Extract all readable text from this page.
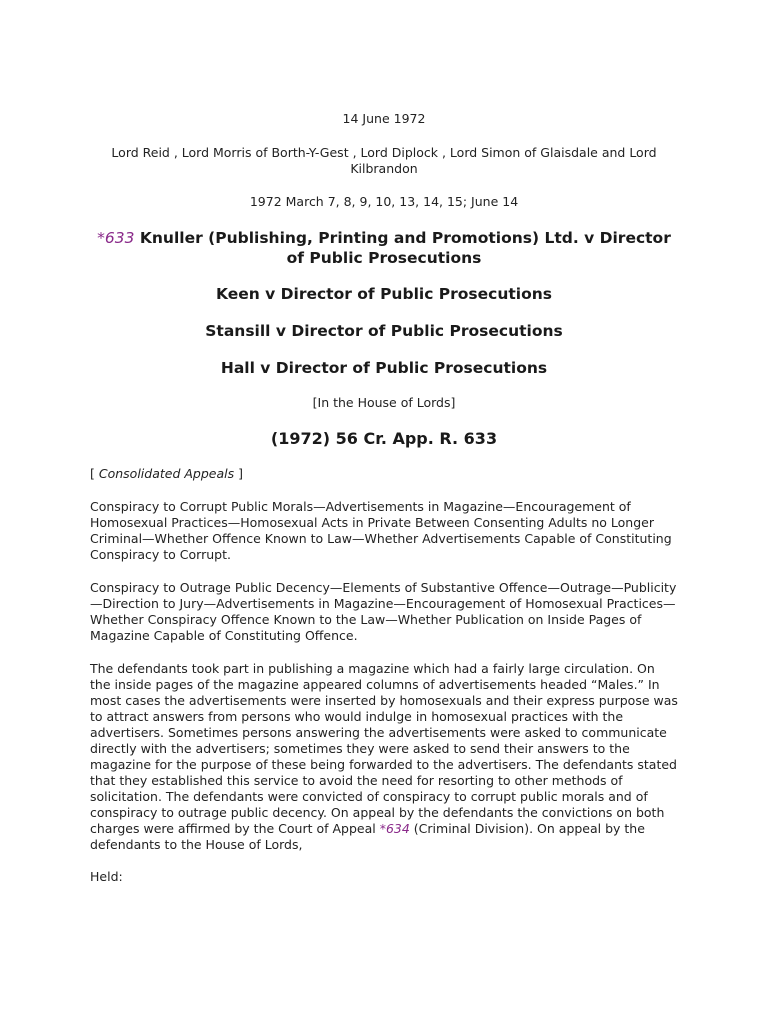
14 June 1972
Lord Reid , Lord Morris of Borth-Y-Gest , Lord Diplock , Lord Simon of Glaisdale and Lord Kilbrandon
1972 March 7, 8, 9, 10, 13, 14, 15; June 14
*633 Knuller (Publishing, Printing and Promotions) Ltd. v Director of Public Prosecutions
Keen v Director of Public Prosecutions
Stansill v Director of Public Prosecutions
Hall v Director of Public Prosecutions
[In the House of Lords]
(1972) 56 Cr. App. R. 633
[ Consolidated Appeals ]
Conspiracy to Corrupt Public Morals—Advertisements in Magazine—Encouragement of Homosexual Practices—Homosexual Acts in Private Between Consenting Adults no Longer Criminal—Whether Offence Known to Law—Whether Advertisements Capable of Constituting Conspiracy to Corrupt.
Conspiracy to Outrage Public Decency—Elements of Substantive Offence—Outrage—Publicity—Direction to Jury—Advertisements in Magazine—Encouragement of Homosexual Practices—Whether Conspiracy Offence Known to the Law—Whether Publication on Inside Pages of Magazine Capable of Constituting Offence.
The defendants took part in publishing a magazine which had a fairly large circulation. On the inside pages of the magazine appeared columns of advertisements headed “Males.” In most cases the advertisements were inserted by homosexuals and their express purpose was to attract answers from persons who would indulge in homosexual practices with the advertisers. Sometimes persons answering the advertisements were asked to communicate directly with the advertisers; sometimes they were asked to send their answers to the magazine for the purpose of these being forwarded to the advertisers. The defendants stated that they established this service to avoid the need for resorting to other methods of solicitation. The defendants were convicted of conspiracy to corrupt public morals and of conspiracy to outrage public decency. On appeal by the defendants the convictions on both charges were affirmed by the Court of Appeal *634 (Criminal Division). On appeal by the defendants to the House of Lords,
Held:
